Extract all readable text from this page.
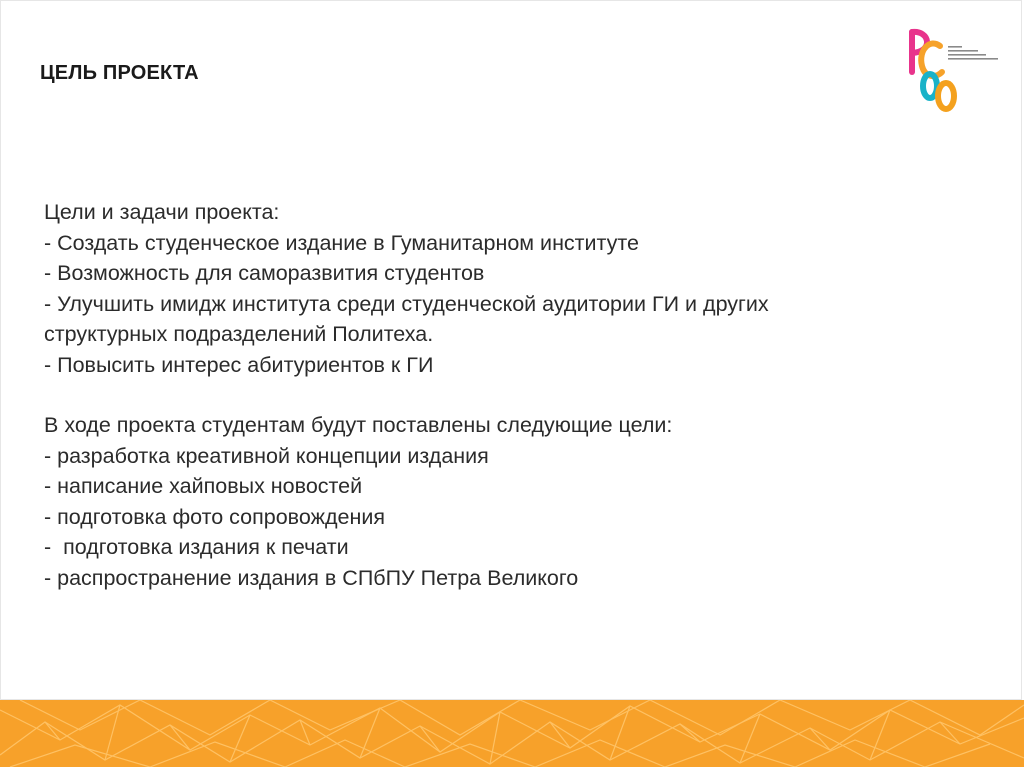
ЦЕЛЬ ПРОЕКТА
Цели и задачи проекта:
- Создать студенческое издание в Гуманитарном институте
- Возможность для саморазвития студентов
- Улучшить имидж института среди студенческой аудитории ГИ и других
структурных подразделений Политеха.
- Повысить интерес абитуриентов к ГИ
В ходе проекта студентам будут поставлены следующие цели:
- разработка креативной концепции издания
- написание хайповых новостей
- подготовка фото сопровождения
-  подготовка издания к печати
- распространение издания в СПбПУ Петра Великого
